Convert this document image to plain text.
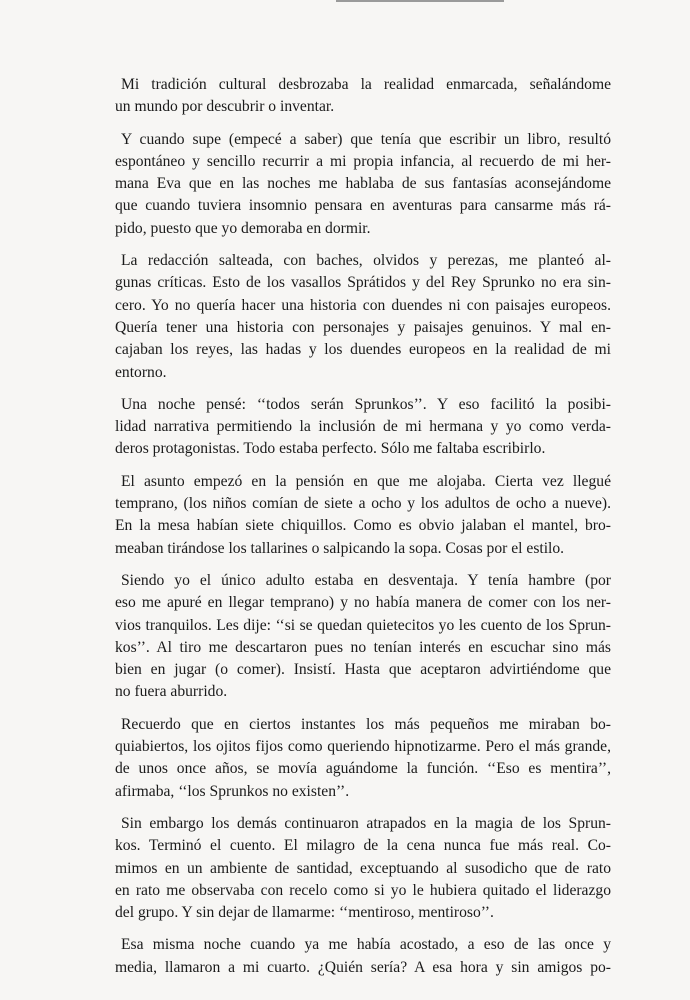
Mi tradición cultural desbrozaba la realidad enmarcada, señalándome
un mundo por descubrir o inventar.

Y cuando supe (empecé a saber) que tenía que escribir un libro, resultó
espontáneo y sencillo recurrir a mi propia infancia, al recuerdo de mi her-
mana Eva que en las noches me hablaba de sus fantasías aconsejándome
que cuando tuviera insomnio pensara en aventuras para cansarme más rá-
pido, puesto que yo demoraba en dormir.

La redacción salteada, con baches, olvidos y perezas, me planteó al-
gunas críticas. Esto de los vasallos Sprátidos y del Rey Sprunko no era sin-
cero. Yo no quería hacer una historia con duendes ni con paisajes europeos.
Quería tener una historia con personajes y paisajes genuinos. Y mal en-
cajaban los reyes, las hadas y los duendes europeos en la realidad de mi
entorno.

Una noche pensé: ‘‘todos serán Sprunkos’’. Y eso facilitó la posibi-
lidad narrativa permitiendo la inclusión de mi hermana y yo como verda-
deros protagonistas. Todo estaba perfecto. Sólo me faltaba escribirlo.

El asunto empezó en la pensión en que me alojaba. Cierta vez llegué
temprano, (los niños comían de siete a ocho y los adultos de ocho a nueve).
En la mesa habían siete chiquillos. Como es obvio jalaban el mantel, bro-
meaban tirándose los tallarines o salpicando la sopa. Cosas por el estilo.

Siendo yo el único adulto estaba en desventaja. Y tenía hambre (por
eso me apuré en llegar temprano) y no había manera de comer con los ner-
vios tranquilos. Les dije: ‘‘si se quedan quietecitos yo les cuento de los Sprun-
kos’’. Al tiro me descartaron pues no tenían interés en escuchar sino más
bien en jugar (o comer). Insistí. Hasta que aceptaron advirtiéndome que
no fuera aburrido.

Recuerdo que en ciertos instantes los más pequeños me miraban bo-
quiabiertos, los ojitos fijos como queriendo hipnotizarme. Pero el más grande,
de unos once años, se movía aguándome la función. ‘‘Eso es mentira’’,
afirmaba, ‘‘los Sprunkos no existen’’.

Sin embargo los demás continuaron atrapados en la magia de los Sprun-
kos. Terminó el cuento. El milagro de la cena nunca fue más real. Co-
mimos en un ambiente de santidad, exceptuando al susodicho que de rato
en rato me observaba con recelo como si yo le hubiera quitado el liderazgo
del grupo. Y sin dejar de llamarme: ‘‘mentiroso, mentiroso’’.

Esa misma noche cuando ya me había acostado, a eso de las once y
media, llamaron a mi cuarto. ¿Quién sería? A esa hora y sin amigos po-
